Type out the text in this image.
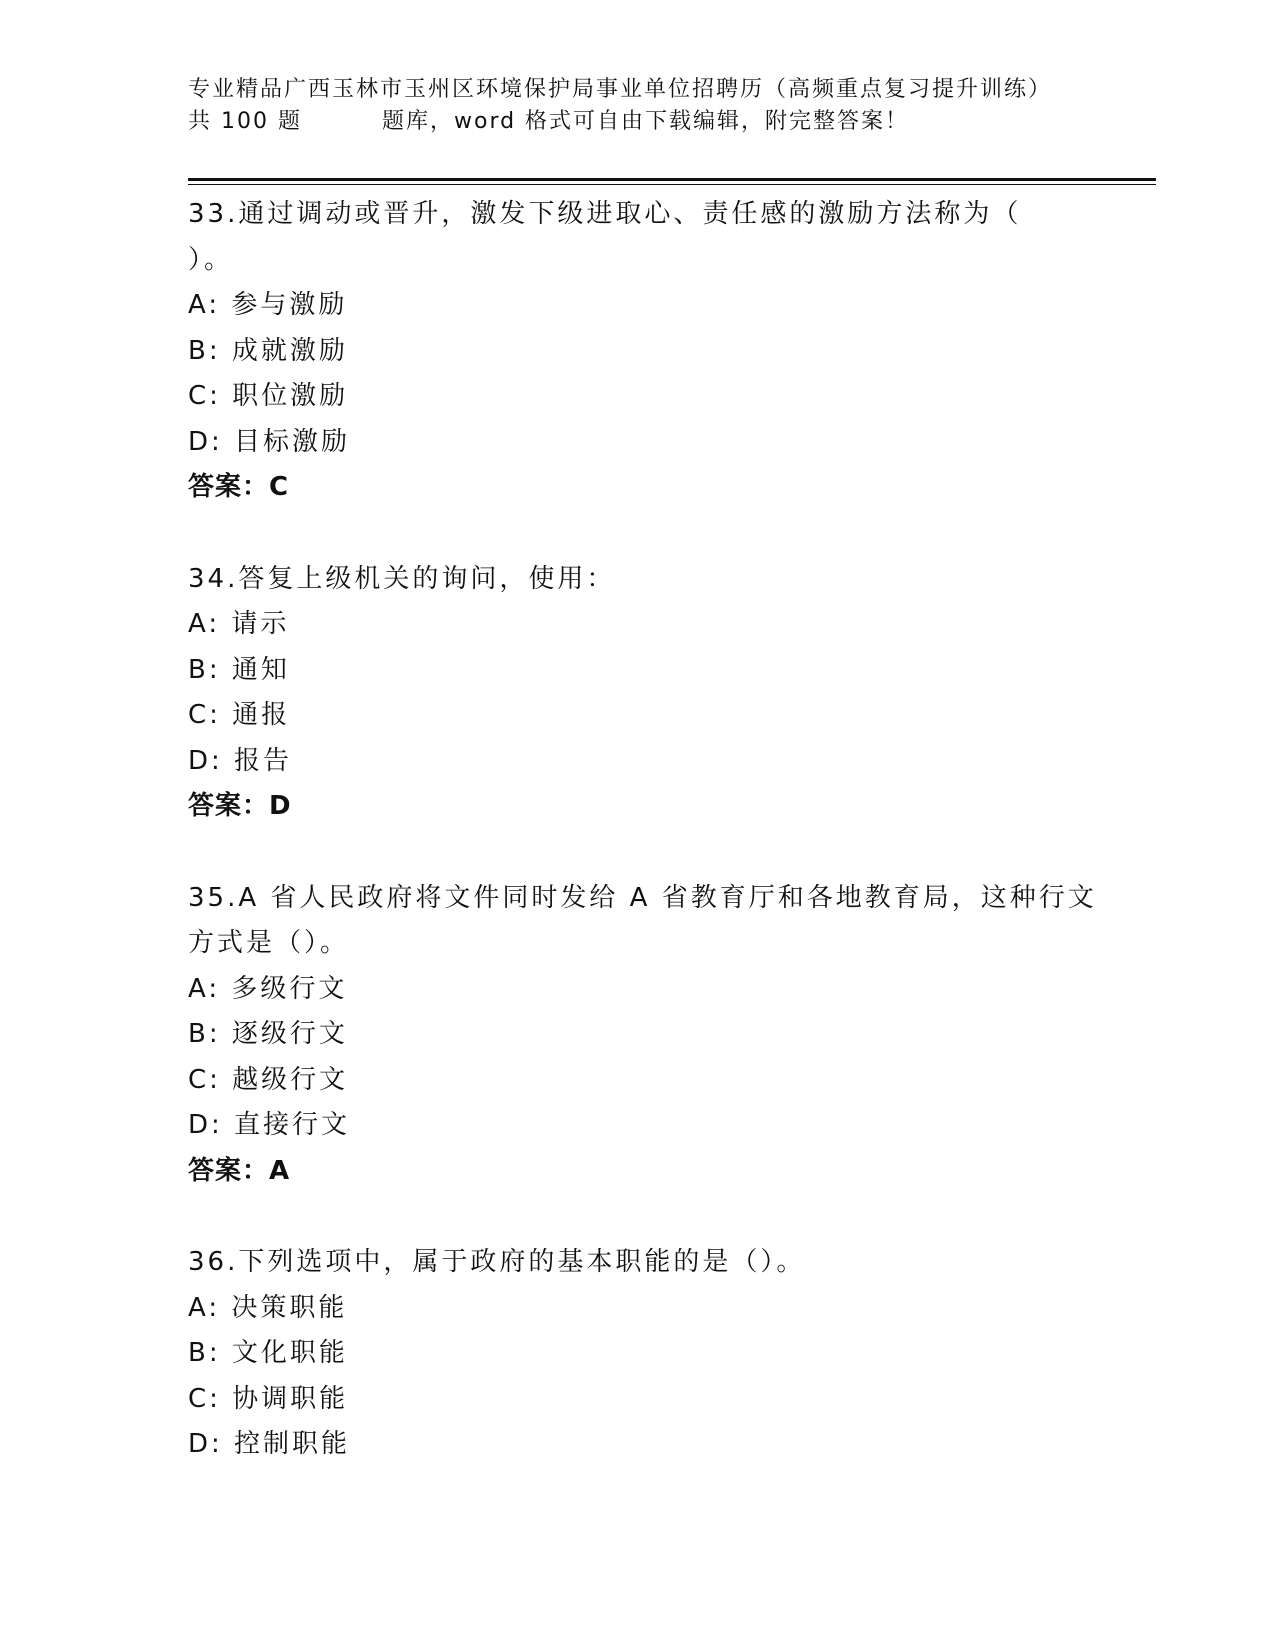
专业精品广西玉林市玉州区环境保护局事业单位招聘历（高频重点复习提升训练）
共 100 题	题库，word 格式可自由下载编辑，附完整答案！
33.通过调动或晋升，激发下级进取心、责任感的激励方法称为（
）。
A: 参与激励
B: 成就激励
C: 职位激励
D: 目标激励
答案：C
34.答复上级机关的询问，使用：
A: 请示
B: 通知
C: 通报
D: 报告
答案：D
35.A 省人民政府将文件同时发给 A 省教育厅和各地教育局，这种行文
方式是（）。
A: 多级行文
B: 逐级行文
C: 越级行文
D: 直接行文
答案：A
36.下列选项中，属于政府的基本职能的是（）。
A: 决策职能
B: 文化职能
C: 协调职能
D: 控制职能
